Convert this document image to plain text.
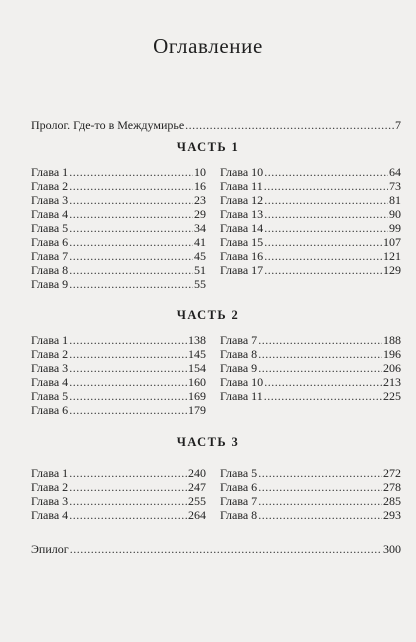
Оглавление
Пролог. Где-то в Междумирье .....	7
ЧАСТЬ 1
Глава 1 .....	10
Глава 2 .....	16
Глава 3 .....	23
Глава 4 .....	29
Глава 5 .....	34
Глава 6 .....	41
Глава 7 .....	45
Глава 8 .....	51
Глава 9 .....	55
Глава 10 .....	64
Глава 11 .....	73
Глава 12 .....	81
Глава 13 .....	90
Глава 14 .....	99
Глава 15 .....	107
Глава 16 .....	121
Глава 17 .....	129
ЧАСТЬ 2
Глава 1 .....	138
Глава 2 .....	145
Глава 3 .....	154
Глава 4 .....	160
Глава 5 .....	169
Глава 6 .....	179
Глава 7 .....	188
Глава 8 .....	196
Глава 9 .....	206
Глава 10 .....	213
Глава 11 .....	225
ЧАСТЬ 3
Глава 1 .....	240
Глава 2 .....	247
Глава 3 .....	255
Глава 4 .....	264
Глава 5 .....	272
Глава 6 .....	278
Глава 7 .....	285
Глава 8 .....	293
Эпилог .....	300
